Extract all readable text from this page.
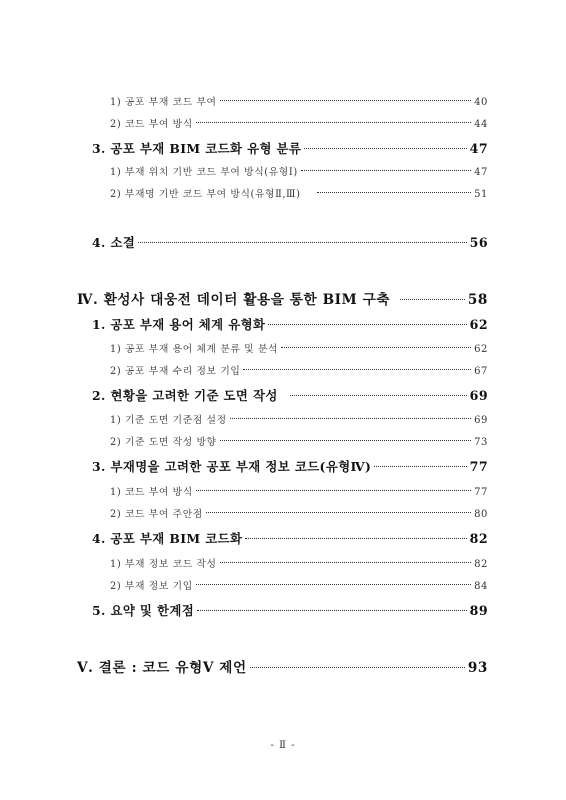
1) 공포 부재 코드 부여	40
2) 코드 부여 방식	44
3. 공포 부재 BIM 코드화 유형 분류	47
1) 부재 위치 기반 코드 부여 방식(유형Ⅰ)	47
2) 부재명 기반 코드 부여 방식(유형Ⅱ,Ⅲ)	51
4. 소결	56
Ⅳ. 환성사 대웅전 데이터 활용을 통한 BIM 구축	58
1. 공포 부재 용어 체계 유형화	62
1) 공포 부재 용어 체계 분류 및 분석	62
2) 공포 부재 수리 정보 기입	67
2. 현황을 고려한 기준 도면 작성	69
1) 기준 도면 기준점 설정	69
2) 기준 도면 작성 방향	73
3. 부재명을 고려한 공포 부재 정보 코드(유형Ⅳ)	77
1) 코드 부여 방식	77
2) 코드 부여 주안점	80
4. 공포 부재 BIM 코드화	82
1) 부재 정보 코드 작성	82
2) 부재 정보 기입	84
5. 요약 및 한계점	89
Ⅴ. 결론 : 코드 유형Ⅴ 제언	93
- Ⅱ -
